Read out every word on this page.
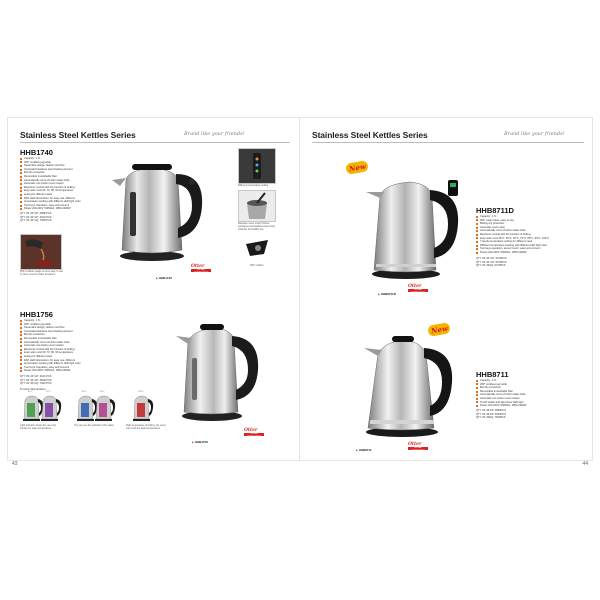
Stainless Steel Kettles Series	Brand like your friends!
HHB1740
Capacity: 1.7L
360° cordless jug kettle
Streamline design, fashion and fine
Concealed stainless steel heating element
Boil dry protection
Removable & washable filter
Automatically turns off when water boils
Automatic one button cover starter
Electronic control with the function of boiling,
keep warm and 60, 70, 80, 90 temperature
setting for different need
With LED illumination, for easy use, different
temperature working with different LED light color
Two Keys Operation, easy and convent
Power:220-240V, 50/60Hz, 1850-2200W
QTY OF 20' GP: 2088 PCS
QTY OF 40' GP: 4320 PCS
QTY OF 40' HQ: 7008 PCS
With cordless usage is more easy to use to serve your hot water anywhere
Different temperature setting
Stainless cover under Perfect, resistance and stainless steel inner chamber for healthy use
360° rotation
Otter
OTTER THERMOSTAT
▶ HHB1740
HHB1756
Capacity: 1.7L
360° cordless jug kettle
Streamline design, fashion and fine
Concealed stainless steel heating element
Boil dry protection
Removable & washable filter
Automatically turns off when water boils
Automatic one button cover starter
Electronic control with the function of boiling,
keep warm and 60, 70, 80, 90 temperature
setting for different need
With LED illumination, for easy use, different
temperature working with different LED light color
Two Keys Operation, easy and convent
Power:220-240V, 50/60Hz, 1850-2200W
QTY OF 20' GP: 2424 PCS
QTY OF 40' GP: 4848 PCS
QTY OF 40' HQ: 7920 PCS
5 Color Illumination
60°C	70°C	80°C	90°C	100°C
Light indicator shows the user can choose for water temperature
You can see the indicator of the water	High temperature of boiling, the cover can resist the liquid temperature	Otter
OTTER THERMOSTAT
▶ HHB1756
43
Stainless Steel Kettles Series	Brand like your friends!
New
Otter
OTTER THERMOSTAT
▶ HHB8711D
HHB8711D
Capacity: 1.7L
360° rotary base, easy to use
Boiling dry protection
Automatic cover open
Automatically turns off when water boils
Electronic control with the function of boiling,
keep warm and 40°C, 50°C, 60°C, 70°C, 80°C, 90°C, 100°C
7 levels temperature setting for different need
Different temperature working with different LED light color
Two keys operation, sensor touch, easy and convent
Power:220-240V, 50/60Hz, 1850-2200W
QTY OF 20' GP: 2726PCS
QTY OF 40' GP: 5760PCS
QTY OF 40HQ: 6720PCS
New
Otter
OTTER THERMOSTAT
▶ HHB8711
HHB8711
Capacity: 1.7L
360° cordless jug kettle
Boil dry protection
Removable & washable filter
Automatically turns off when water boils
Automatic one button cover starter
On/off switch and light show LED light
Power:220-240V, 50/60Hz, 1850-2200W
QTY OF 20'GP: 2890PCS
QTY OF 40'GP: 6000PCS
QTY OF 40HQ: 7000PCS
44
